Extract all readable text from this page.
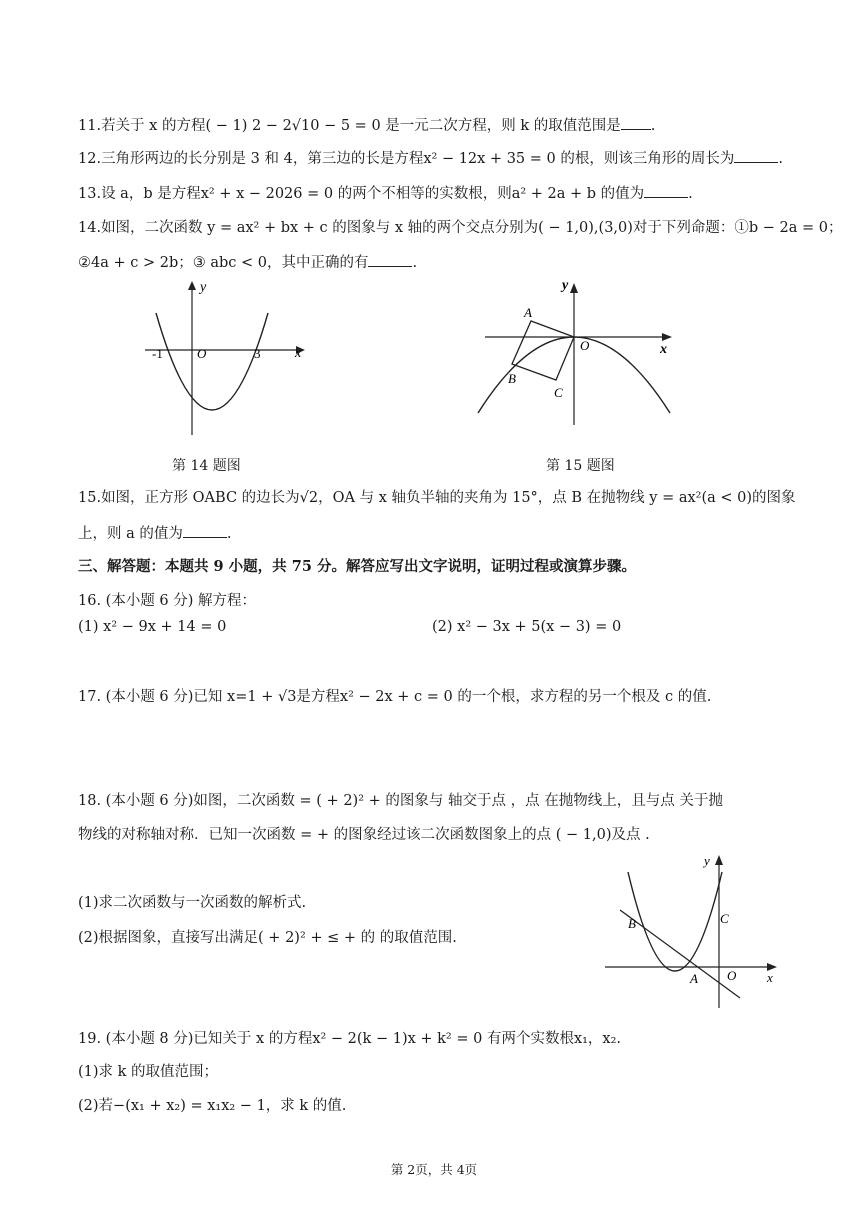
11.若关于 x 的方程( − 1) 2 − 2√10 − 5 = 0 是一元二次方程，则 k 的取值范围是 .
12.三角形两边的长分别是 3 和 4，第三边的长是方程x² − 12x + 35 = 0 的根，则该三角形的周长为	.
13.设 a，b 是方程x² + x − 2026 = 0 的两个不相等的实数根，则a² + 2a + b 的值为	.
14.如图，二次函数 y = ax² + bx + c 的图象与 x 轴的两个交点分别为( − 1,0),(3,0)对于下列命题：①b − 2a = 0；
②4a + c > 2b；③ abc < 0，其中正确的有	.
y
x
O
-1	3
第 14 题图
y
x
O
A
B
C
第 15 题图
15.如图，正方形 OABC 的边长为√2，OA 与 x 轴负半轴的夹角为 15°，点 B 在抛物线 y = ax²(a < 0)的图象
上，则 a 的值为	.
三、解答题：本题共 9 小题，共 75 分。解答应写出文字说明，证明过程或演算步骤。
16. (本小题 6 分) 解方程：
(1) x² − 9x + 14 = 0	(2) x² − 3x + 5(x − 3) = 0
17. (本小题 6 分)已知 x=1 + √3是方程x² − 2x + c = 0 的一个根，求方程的另一个根及 c 的值.
18. (本小题 6 分)如图，二次函数 = ( + 2)² + 的图象与 轴交于点 ，点 在抛物线上，且与点 关于抛
物线的对称轴对称．已知一次函数 = + 的图象经过该二次函数图象上的点 ( − 1,0)及点 .
(1)求二次函数与一次函数的解析式.
(2)根据图象，直接写出满足( + 2)² + ≤ + 的 的取值范围.
y
x
O
A
B	C
19. (本小题 8 分)已知关于 x 的方程x² − 2(k − 1)x + k² = 0 有两个实数根x₁，x₂.
(1)求 k 的取值范围；
(2)若−(x₁ + x₂) = x₁x₂ − 1，求 k 的值.
第 2页，共 4页
